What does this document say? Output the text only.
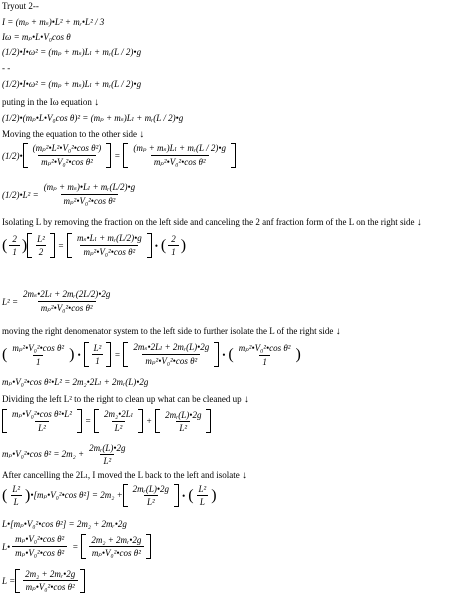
Tryout 2--
I = (mₚ + mₛ)•L² + mᵣ•L² / 3
Iω = mₚ•L•V₀cos θ
(1/2)•I•ω² = (mₚ + mₛ)Lₗ + mᵣ(L / 2)•g
- -
(1/2)•I•ω² = (mₚ + mₛ)Lₗ + mᵣ(L / 2)•g
puting in the Iω equation ↓
(1/2)•(mₚ•L•V₀cos θ)² = (mₚ + mₛ)Lₗ + mᵣ(L / 2)•g
Moving the equation to the other side ↓
(1/2)• $\frac{\text{(mₚ²•L²•V₀²•cos θ²)}}{\text{mₚ²•V₀²•cos θ²}} = \frac{\text{(mₚ + mₛ)Lₗ + mᵣ(L / 2)•g}}{\text{mₚ²•V₀²•cos θ²}}$
(1/2)•L² = $\frac{\text{(mₚ + mₛ)•Lₗ + mᵣ(L/2)•g}}{\text{mₚ²•V₀²•cos θ²}}$
Isolating L by removing the fraction on the left side and canceling the 2 anf fraction form of the L on the right side ↓
( $\frac{2}{1}$ ) $\frac{\text{L²}}{2} = \frac{\text{mₛ•Lₗ + mᵣ(L/2)•g}}{\text{mₚ²•V₀²•cos θ²}}$ • ( $\frac{2}{1}$ )
$L^2 = \frac{\text{2mₛ•2Lₗ + 2mᵣ(2L/2)•2g}}{\text{mₚ²•V₀²•cos θ²}}$
moving the right denomenator system to the left side to further isolate the L of the right side ↓
( $\frac{\text{mₚ²•V₀²•cos θ²}}{1}$ ) • $\frac{\text{L²}}{1} = \frac{\text{2mₛ•2Lₗ + 2mᵣ(L)•2g}}{\text{mₚ²•V₀²•cos θ²}}$ • ( $\frac{\text{mₚ²•V₀²•cos θ²}}{1}$ )
mₚ•V₀²•cos θ²•L² = 2m₂•2Lₗ + 2mᵣ(L)•2g
Dividing the left L² to the right to clean up what can be cleaned up ↓
$\frac{\text{mₚ•V₀²•cos θ²•L²}}{\text{L²}} = \frac{\text{2m₂•2Lₗ}}{\text{L²}} + \frac{\text{2mᵣ(L)•2g}}{\text{L²}}$
mₚ•V₀²•cos $\theta^2 = 2m_2 + \frac{\text{2mᵣ(L)•2g}}{\text{L²}}$
After cancelling the 2Lₗ, I moved the L back to the left and isolate ↓
( $\frac{\text{L²}}{L}$ ) •[mₚ•V₀²•cos $\theta^2] = 2m_2 + \frac{\text{2mᵣ(L)•2g}}{\text{L²}}$ • ( $\frac{\text{L²}}{L}$ )
L•[mₚ•V₀²•cos θ²] = 2m₂ + 2mᵣ•2g
L• $\frac{\text{mₚ•V₀²•cos θ²}}{\text{mₚ•V₀²•cos θ²}} = \frac{\text{2m₂ + 2mᵣ•2g}}{\text{mₚ•V₀²•cos θ²}}$
$L = \frac{\text{2m₂ + 2mᵣ•2g}}{\text{mₚ•V₀²•cos θ²}}$
